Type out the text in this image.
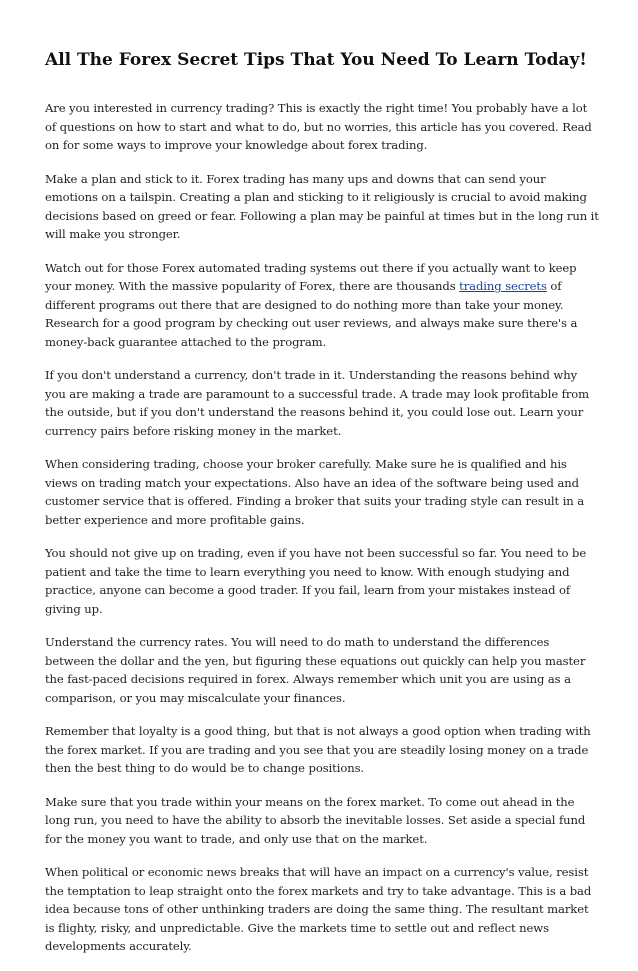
All The Forex Secret Tips That You Need To Learn Today!

Are you interested in currency trading? This is exactly the right time! You probably have a lot of questions on how to start and what to do, but no worries, this article has you covered. Read on for some ways to improve your knowledge about forex trading.

Make a plan and stick to it. Forex trading has many ups and downs that can send your emotions on a tailspin. Creating a plan and sticking to it religiously is crucial to avoid making decisions based on greed or fear. Following a plan may be painful at times but in the long run it will make you stronger.

Watch out for those Forex automated trading systems out there if you actually want to keep your money. With the massive popularity of Forex, there are thousands trading secrets of different programs out there that are designed to do nothing more than take your money. Research for a good program by checking out user reviews, and always make sure there's a money-back guarantee attached to the program.

If you don't understand a currency, don't trade in it. Understanding the reasons behind why you are making a trade are paramount to a successful trade. A trade may look profitable from the outside, but if you don't understand the reasons behind it, you could lose out. Learn your currency pairs before risking money in the market.

When considering trading, choose your broker carefully. Make sure he is qualified and his views on trading match your expectations. Also have an idea of the software being used and customer service that is offered. Finding a broker that suits your trading style can result in a better experience and more profitable gains.

You should not give up on trading, even if you have not been successful so far. You need to be patient and take the time to learn everything you need to know. With enough studying and practice, anyone can become a good trader. If you fail, learn from your mistakes instead of giving up.

Understand the currency rates. You will need to do math to understand the differences between the dollar and the yen, but figuring these equations out quickly can help you master the fast-paced decisions required in forex. Always remember which unit you are using as a comparison, or you may miscalculate your finances.

Remember that loyalty is a good thing, but that is not always a good option when trading with the forex market. If you are trading and you see that you are steadily losing money on a trade then the best thing to do would be to change positions.

Make sure that you trade within your means on the forex market. To come out ahead in the long run, you need to have the ability to absorb the inevitable losses. Set aside a special fund for the money you want to trade, and only use that on the market.

When political or economic news breaks that will have an impact on a currency's value, resist the temptation to leap straight onto the forex markets and try to take advantage. This is a bad idea because tons of other unthinking traders are doing the same thing. The resultant market is flighty, risky, and unpredictable. Give the markets time to settle out and reflect news developments accurately.
